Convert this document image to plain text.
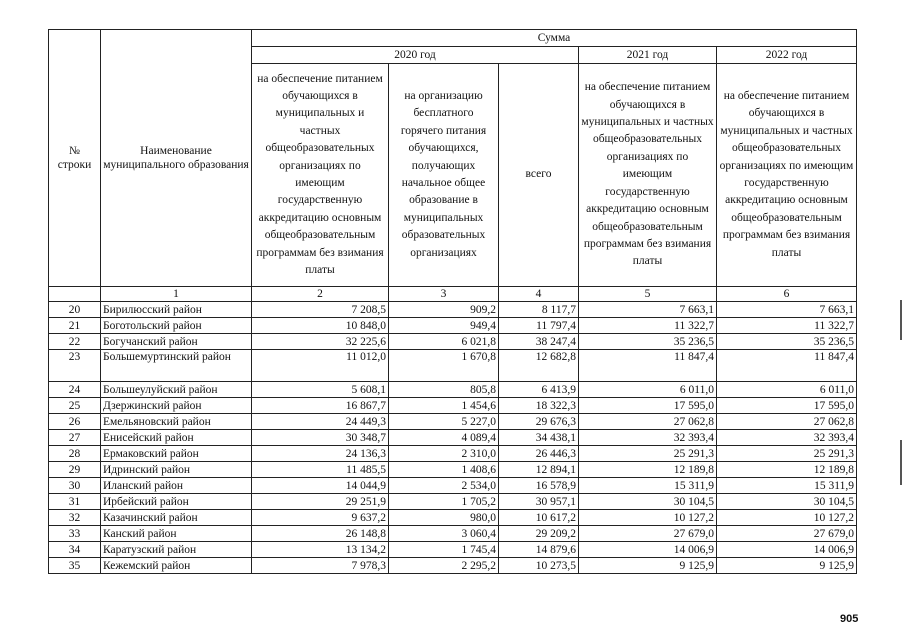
№ строки	Наименование муниципального образования	Сумма				
		2020 год			2021 год	2022 год
		на обеспечение питанием обучающихся в муниципальных и частных общеобразовательных организациях по имеющим государственную аккредитацию основным общеобразовательным программам без взимания платы	на организацию бесплатного горячего питания обучающихся, получающих начальное общее образование в муниципальных образовательных организациях	всего	на обеспечение питанием обучающихся в муниципальных и частных общеобразовательных организациях по имеющим государственную аккредитацию основным общеобразовательным программам без взимания платы	на обеспечение питанием обучающихся в муниципальных и частных общеобразовательных организациях по имеющим государственную аккредитацию основным общеобразовательным программам без взимания платы
	1	2	3	4	5	6
20	Бирилюсский район	7 208,5	909,2	8 117,7	7 663,1	7 663,1
21	Боготольский район	10 848,0	949,4	11 797,4	11 322,7	11 322,7
22	Богучанский район	32 225,6	6 021,8	38 247,4	35 236,5	35 236,5
23	Большемуртинский район	11 012,0	1 670,8	12 682,8	11 847,4	11 847,4
24	Большеулуйский район	5 608,1	805,8	6 413,9	6 011,0	6 011,0
25	Дзержинский район	16 867,7	1 454,6	18 322,3	17 595,0	17 595,0
26	Емельяновский район	24 449,3	5 227,0	29 676,3	27 062,8	27 062,8
27	Енисейский район	30 348,7	4 089,4	34 438,1	32 393,4	32 393,4
28	Ермаковский район	24 136,3	2 310,0	26 446,3	25 291,3	25 291,3
29	Идринский район	11 485,5	1 408,6	12 894,1	12 189,8	12 189,8
30	Иланский район	14 044,9	2 534,0	16 578,9	15 311,9	15 311,9
31	Ирбейский район	29 251,9	1 705,2	30 957,1	30 104,5	30 104,5
32	Казачинский район	9 637,2	980,0	10 617,2	10 127,2	10 127,2
33	Канский район	26 148,8	3 060,4	29 209,2	27 679,0	27 679,0
34	Каратузский район	13 134,2	1 745,4	14 879,6	14 006,9	14 006,9
35	Кежемский район	7 978,3	2 295,2	10 273,5	9 125,9	9 125,9
905
